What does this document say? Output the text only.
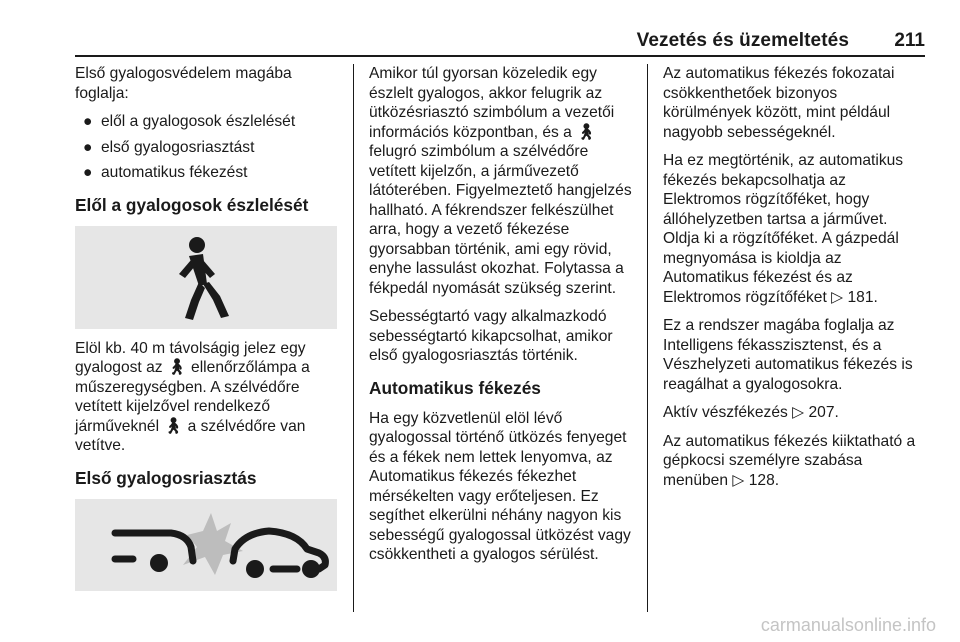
Vezetés és üzemeltetés 211

Első gyalogosvédelem magába foglalja:

● elől a gyalogosok észlelését
● első gyalogosriasztást
● automatikus fékezést
Elől a gyalogosok észlelését

Elöl kb. 40 m távolságig jelez egy gyalogost az 🚶︎ ellenőrzőlámpa a műszeregységben. A szélvédőre vetített kijelzővel rendelkező járműveknél 🚶︎ a szélvédőre van vetítve.

Első gyalogosriasztás

Amikor túl gyorsan közeledik egy észlelt gyalogos, akkor felugrik az ütközésriasztó szimbólum a vezetői információs központban, és a 🚶︎ felugró szimbólum a szélvédőre vetített kijelzőn, a járművezető látóterében. Figyelmeztető hangjelzés hallható. A fékrendszer felkészülhet arra, hogy a vezető fékezése gyorsabban történik, ami egy rövid, enyhe lassulást okozhat. Folytassa a fékpedál nyomását szükség szerint.

Sebességtartó vagy alkalmazkodó sebességtartó kikapcsolhat, amikor első gyalogosriasztás történik.

Automatikus fékezés

Ha egy közvetlenül elöl lévő gyalogossal történő ütközés fenyeget és a fékek nem lettek lenyomva, az Automatikus fékezés fékezhet mérsékelten vagy erőteljesen. Ez segíthet elkerülni néhány nagyon kis sebességű gyalogossal ütközést vagy csökkentheti a gyalogos sérülést.

Az automatikus fékezés fokozatai csökkenthetőek bizonyos körülmények között, mint például nagyobb sebességeknél.

Ha ez megtörténik, az automatikus fékezés bekapcsolhatja az Elektromos rögzítőféket, hogy állóhelyzetben tartsa a járművet. Oldja ki a rögzítőféket. A gázpedál megnyomása is kioldja az Automatikus fékezést és az Elektromos rögzítőféket ▷ 181.

Ez a rendszer magába foglalja az Intelligens fékasszisztenst, és a Vészhelyzeti automatikus fékezés is reagálhat a gyalogosokra.

Aktív vészfékezés ▷ 207.

Az automatikus fékezés kiiktatható a gépkocsi személyre szabása menüben ▷ 128.

carmanualsonline.info
